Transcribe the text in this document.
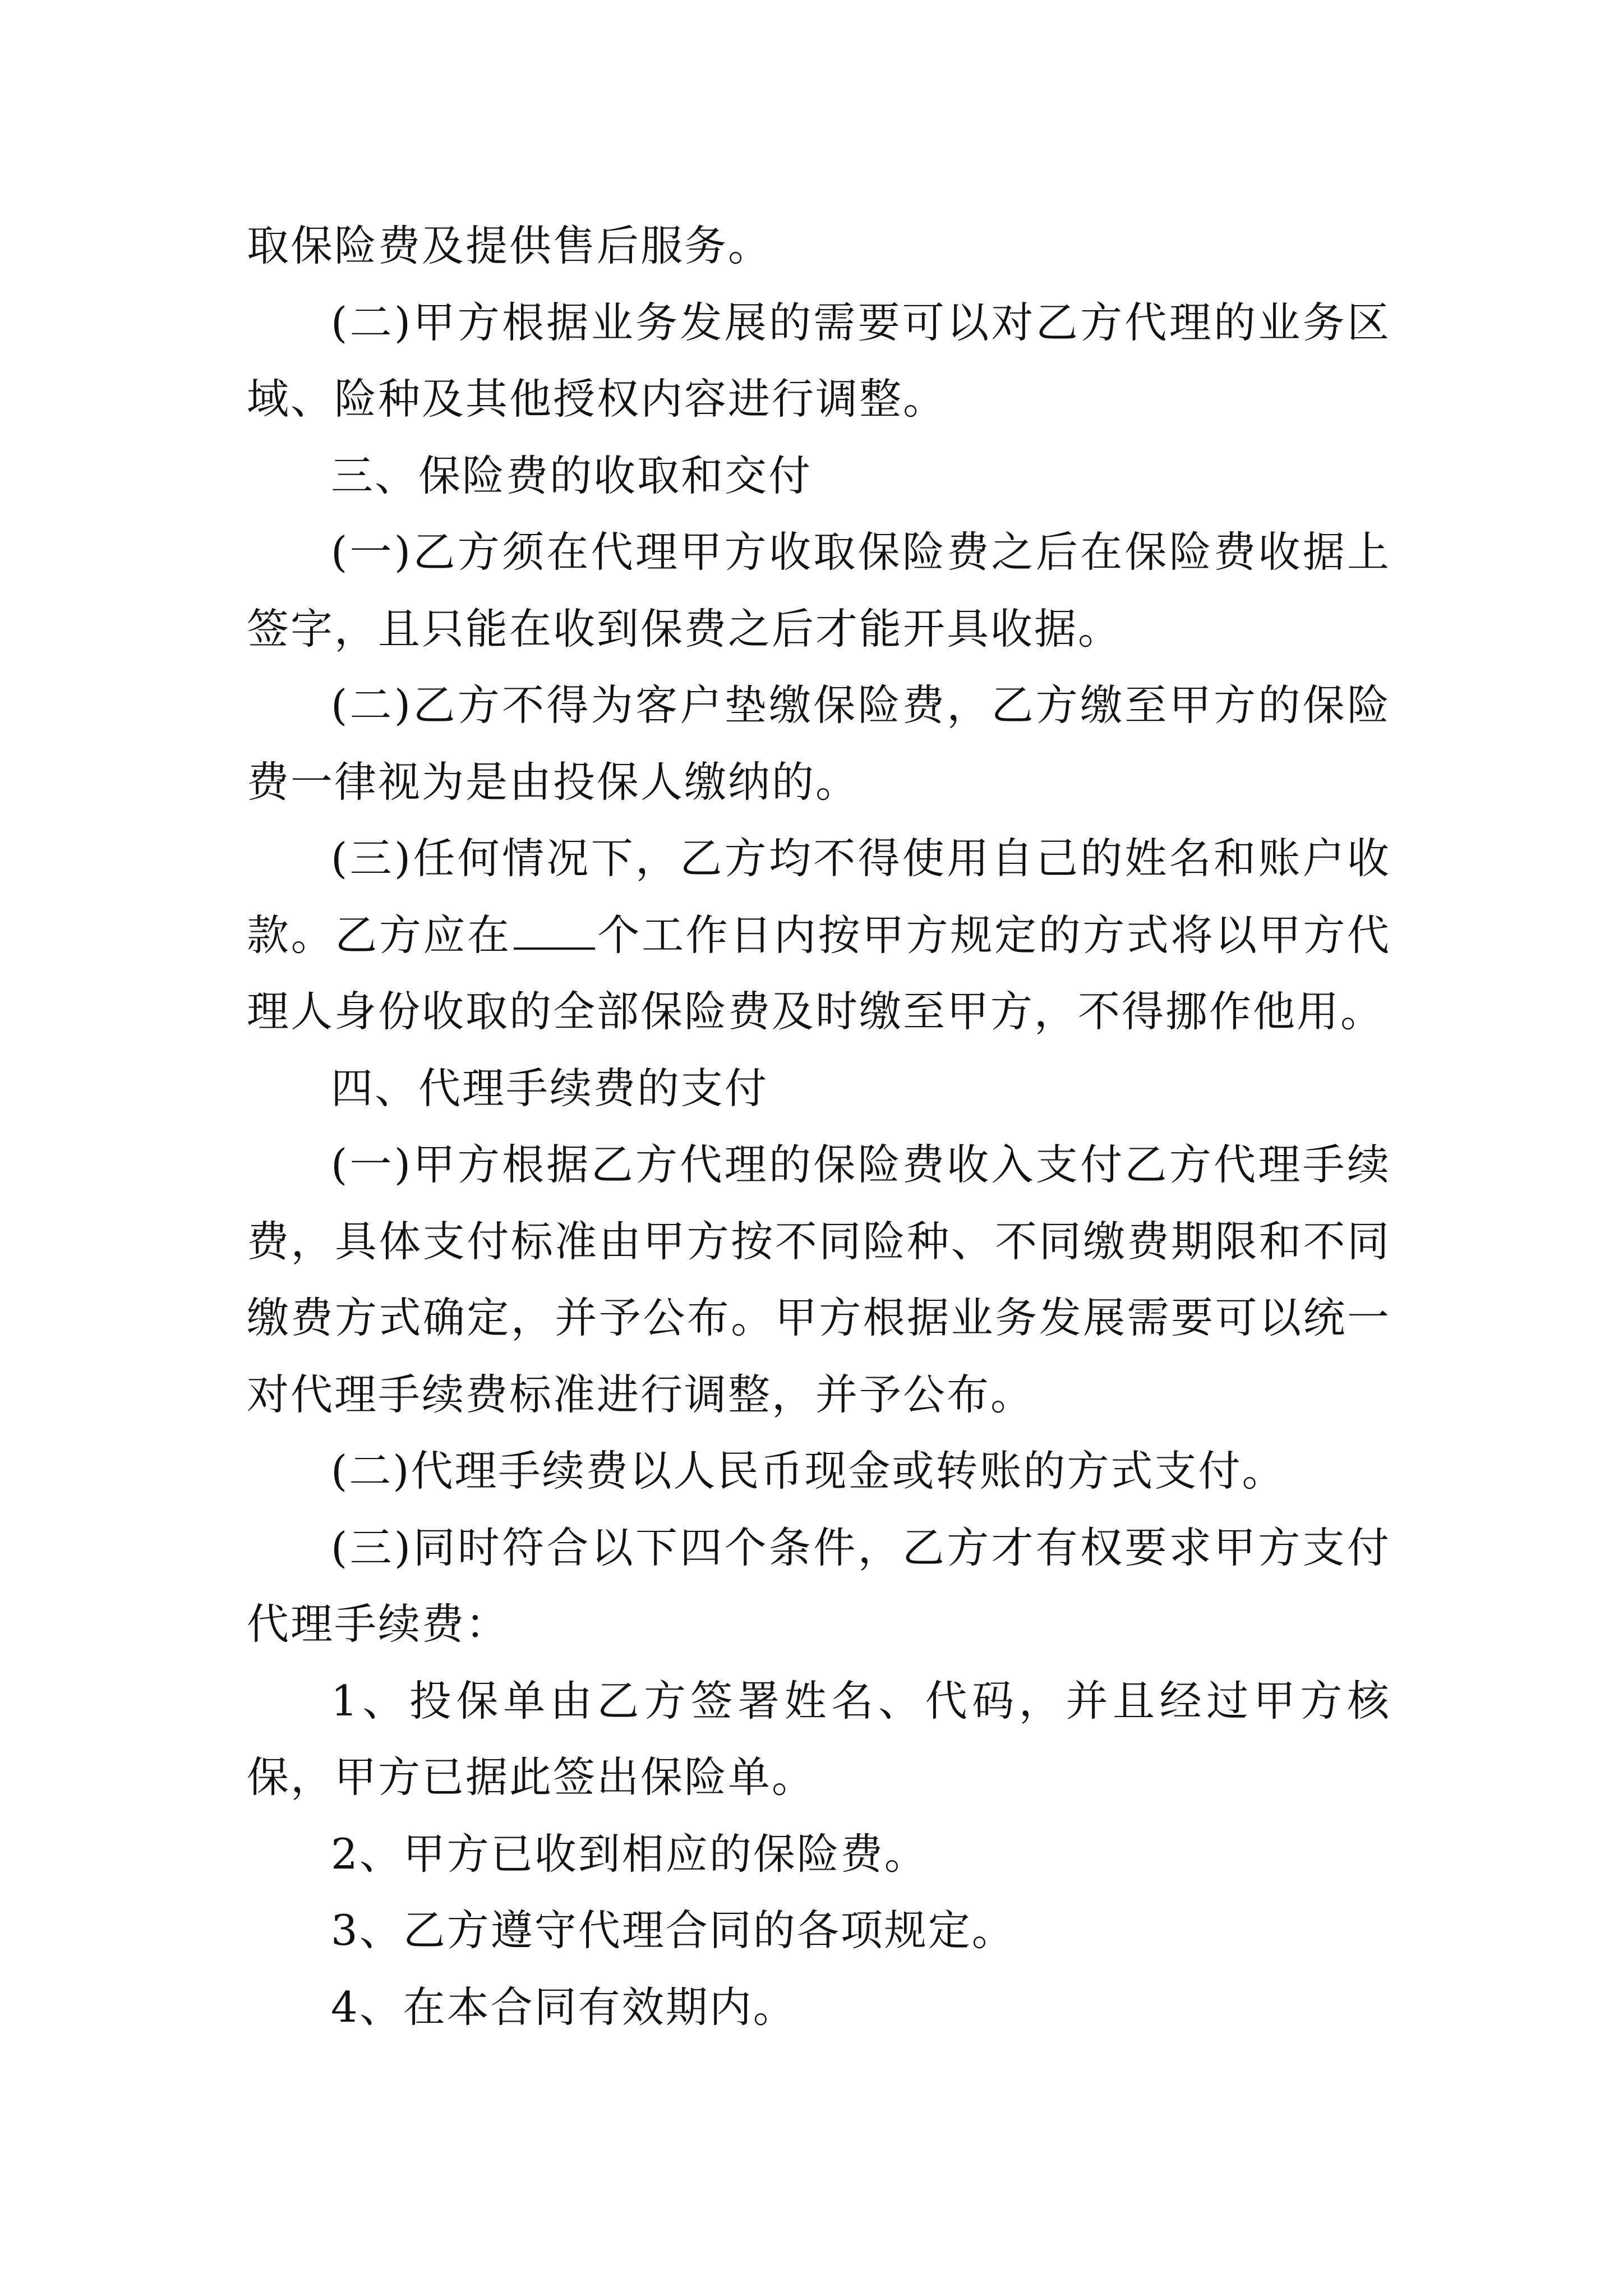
取保险费及提供售后服务。

(二)甲方根据业务发展的需要可以对乙方代理的业务区域、险种及其他授权内容进行调整。

三、保险费的收取和交付

(一)乙方须在代理甲方收取保险费之后在保险费收据上签字，且只能在收到保费之后才能开具收据。

(二)乙方不得为客户垫缴保险费，乙方缴至甲方的保险费一律视为是由投保人缴纳的。

(三)任何情况下，乙方均不得使用自己的姓名和账户收款。乙方应在 个工作日内按甲方规定的方式将以甲方代理人身份收取的全部保险费及时缴至甲方，不得挪作他用。

四、代理手续费的支付

(一)甲方根据乙方代理的保险费收入支付乙方代理手续费，具体支付标准由甲方按不同险种、不同缴费期限和不同缴费方式确定，并予公布。甲方根据业务发展需要可以统一对代理手续费标准进行调整，并予公布。

(二)代理手续费以人民币现金或转账的方式支付。

(三)同时符合以下四个条件，乙方才有权要求甲方支付代理手续费：

1、投保单由乙方签署姓名、代码，并且经过甲方核保，甲方已据此签出保险单。

2、甲方已收到相应的保险费。

3、乙方遵守代理合同的各项规定。

4、在本合同有效期内。
